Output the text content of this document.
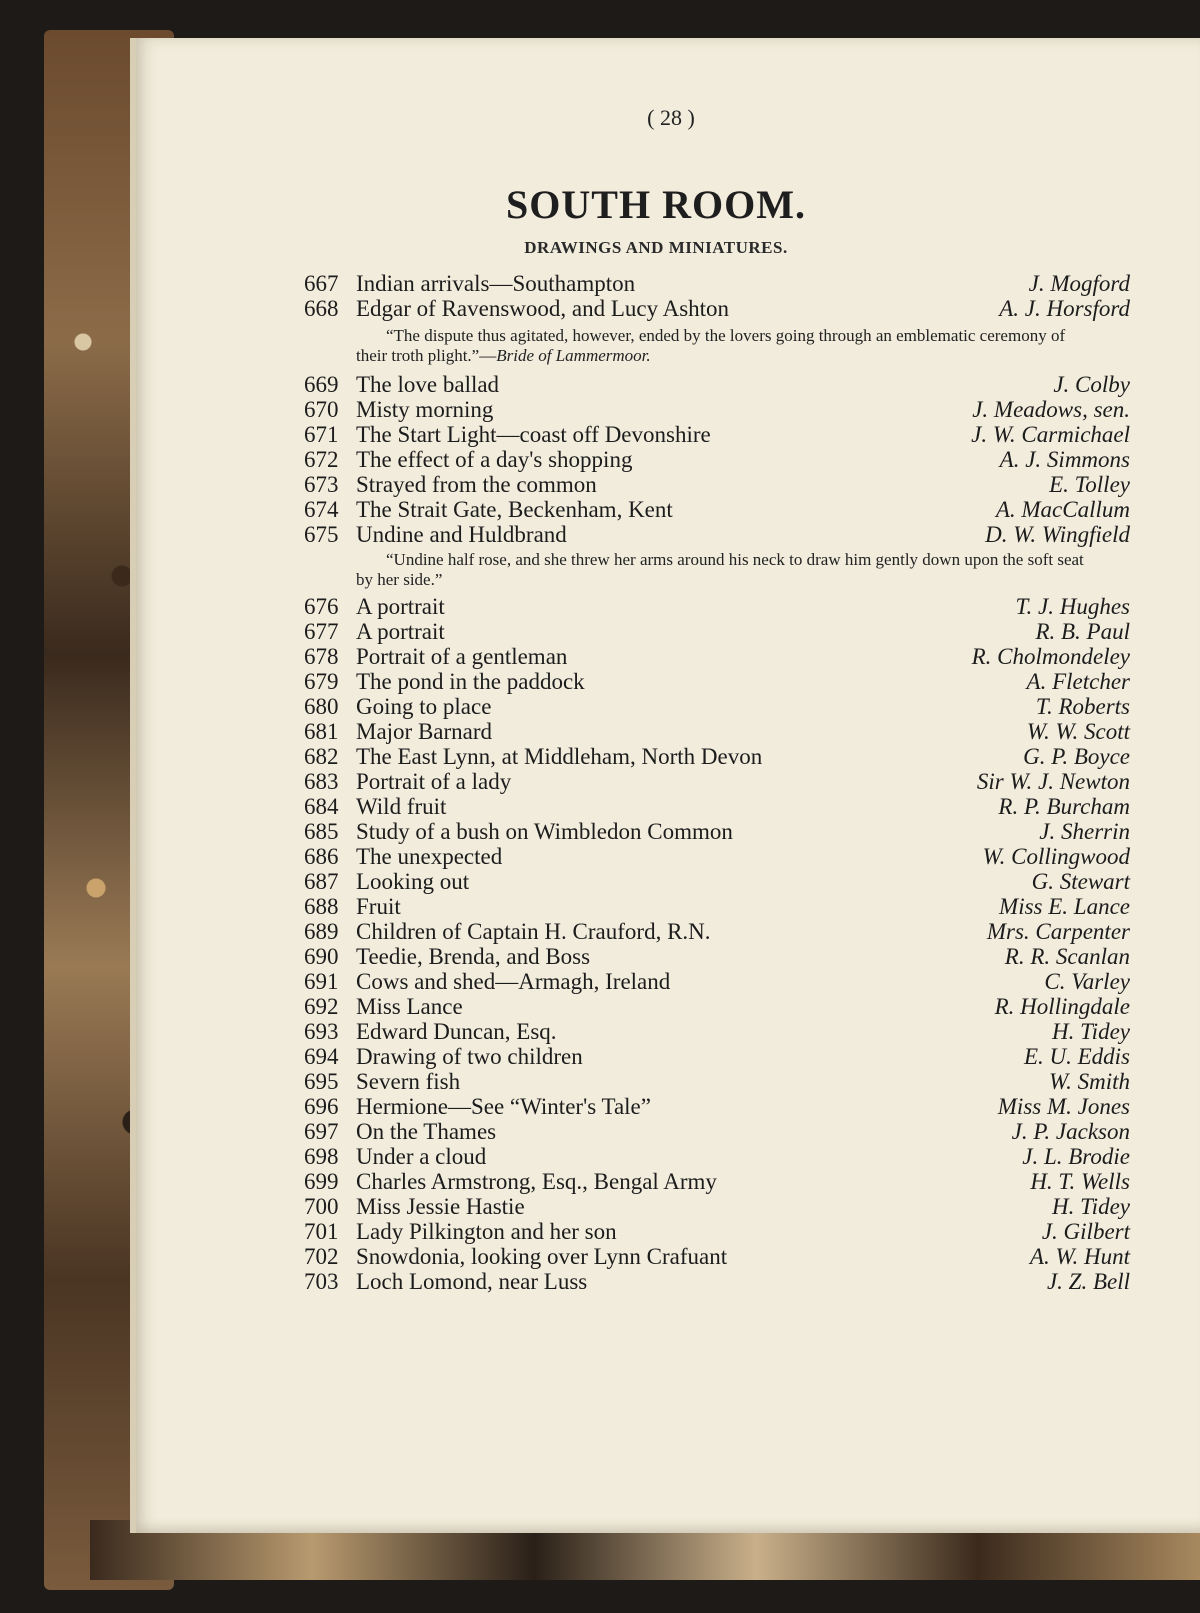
( 28 )
SOUTH ROOM.
DRAWINGS AND MINIATURES.
667 Indian arrivals—Southampton	J. Mogford
668 Edgar of Ravenswood, and Lucy Ashton	A. J. Horsford
“The dispute thus agitated, however, ended by the lovers going through an emblematic ceremony of their troth plight.”—Bride of Lammermoor.
669 The love ballad	J. Colby
670 Misty morning	J. Meadows, sen.
671 The Start Light—coast off Devonshire	J. W. Carmichael
672 The effect of a day's shopping	A. J. Simmons
673 Strayed from the common	E. Tolley
674 The Strait Gate, Beckenham, Kent	A. MacCallum
675 Undine and Huldbrand	D. W. Wingfield
“Undine half rose, and she threw her arms around his neck to draw him gently down upon the soft seat by her side.”
676 A portrait	T. J. Hughes
677 A portrait	R. B. Paul
678 Portrait of a gentleman	R. Cholmondeley
679 The pond in the paddock	A. Fletcher
680 Going to place	T. Roberts
681 Major Barnard	W. W. Scott
682 The East Lynn, at Middleham, North Devon	G. P. Boyce
683 Portrait of a lady	Sir W. J. Newton
684 Wild fruit	R. P. Burcham
685 Study of a bush on Wimbledon Common	J. Sherrin
686 The unexpected	W. Collingwood
687 Looking out	G. Stewart
688 Fruit	Miss E. Lance
689 Children of Captain H. Crauford, R.N.	Mrs. Carpenter
690 Teedie, Brenda, and Boss	R. R. Scanlan
691 Cows and shed—Armagh, Ireland	C. Varley
692 Miss Lance	R. Hollingdale
693 Edward Duncan, Esq.	H. Tidey
694 Drawing of two children	E. U. Eddis
695 Severn fish	W. Smith
696 Hermione—See “Winter's Tale”	Miss M. Jones
697 On the Thames	J. P. Jackson
698 Under a cloud	J. L. Brodie
699 Charles Armstrong, Esq., Bengal Army	H. T. Wells
700 Miss Jessie Hastie	H. Tidey
701 Lady Pilkington and her son	J. Gilbert
702 Snowdonia, looking over Lynn Crafuant	A. W. Hunt
703 Loch Lomond, near Luss	J. Z. Bell
